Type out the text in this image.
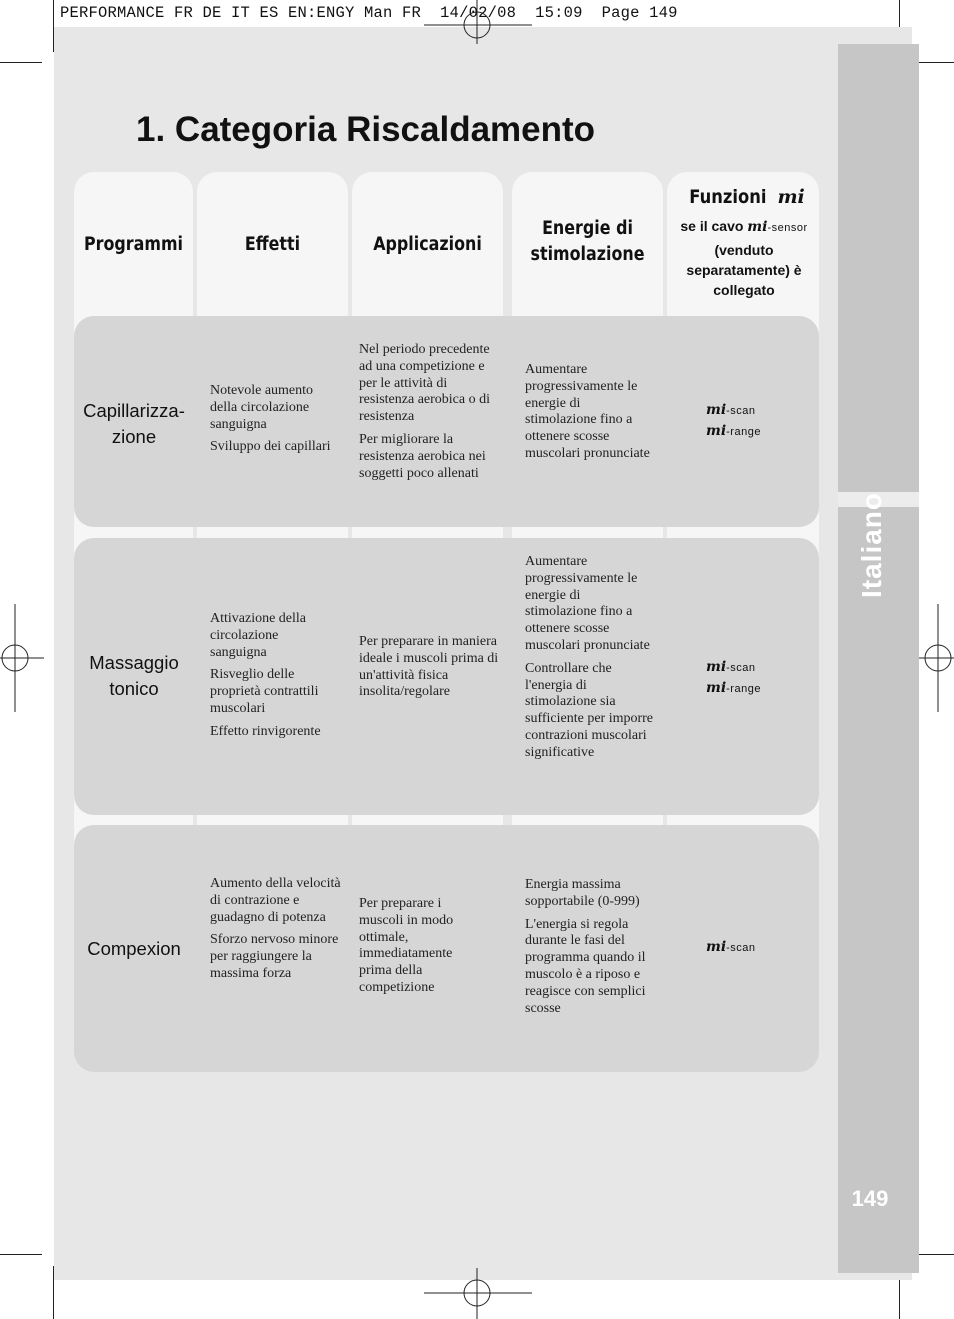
PERFORMANCE FR DE IT ES EN:ENGY Man FR  14/02/08  15:09  Page 149
Italiano
149
1. Categoria Riscaldamento
Programmi	Effetti	Applicazioni
Energie di stimolazione
Funzioni mi
se il cavo mi-sensor
(venduto separatamente) è collegato
Capillarizza-zione

Notevole aumento della circolazione sanguigna

Sviluppo dei capillari

Nel periodo precedente ad una competizione e per le attività di resistenza aerobica o di resistenza

Per migliorare la resistenza aerobica nei soggetti poco allenati

Aumentare progressivamente le energie di stimolazione fino a ottenere scosse muscolari pronunciate

mi-scan
mi-range
Massaggio tonico

Attivazione della circolazione sanguigna

Risveglio delle proprietà contrattili muscolari

Effetto rinvigorente

Per preparare in maniera ideale i muscoli prima di un'attività fisica insolita/regolare

Aumentare progressivamente le energie di stimolazione fino a ottenere scosse muscolari pronunciate

Controllare che l'energia di stimolazione sia sufficiente per imporre contrazioni muscolari significative

mi-scan
mi-range
Compexion

Aumento della velocità di contrazione e guadagno di potenza

Sforzo nervoso minore per raggiungere la massima forza

Per preparare i muscoli in modo ottimale, immediatamente prima della competizione

Energia massima sopportabile (0-999)

L'energia si regola durante le fasi del programma quando il muscolo è a riposo e reagisce con semplici scosse

mi-scan
